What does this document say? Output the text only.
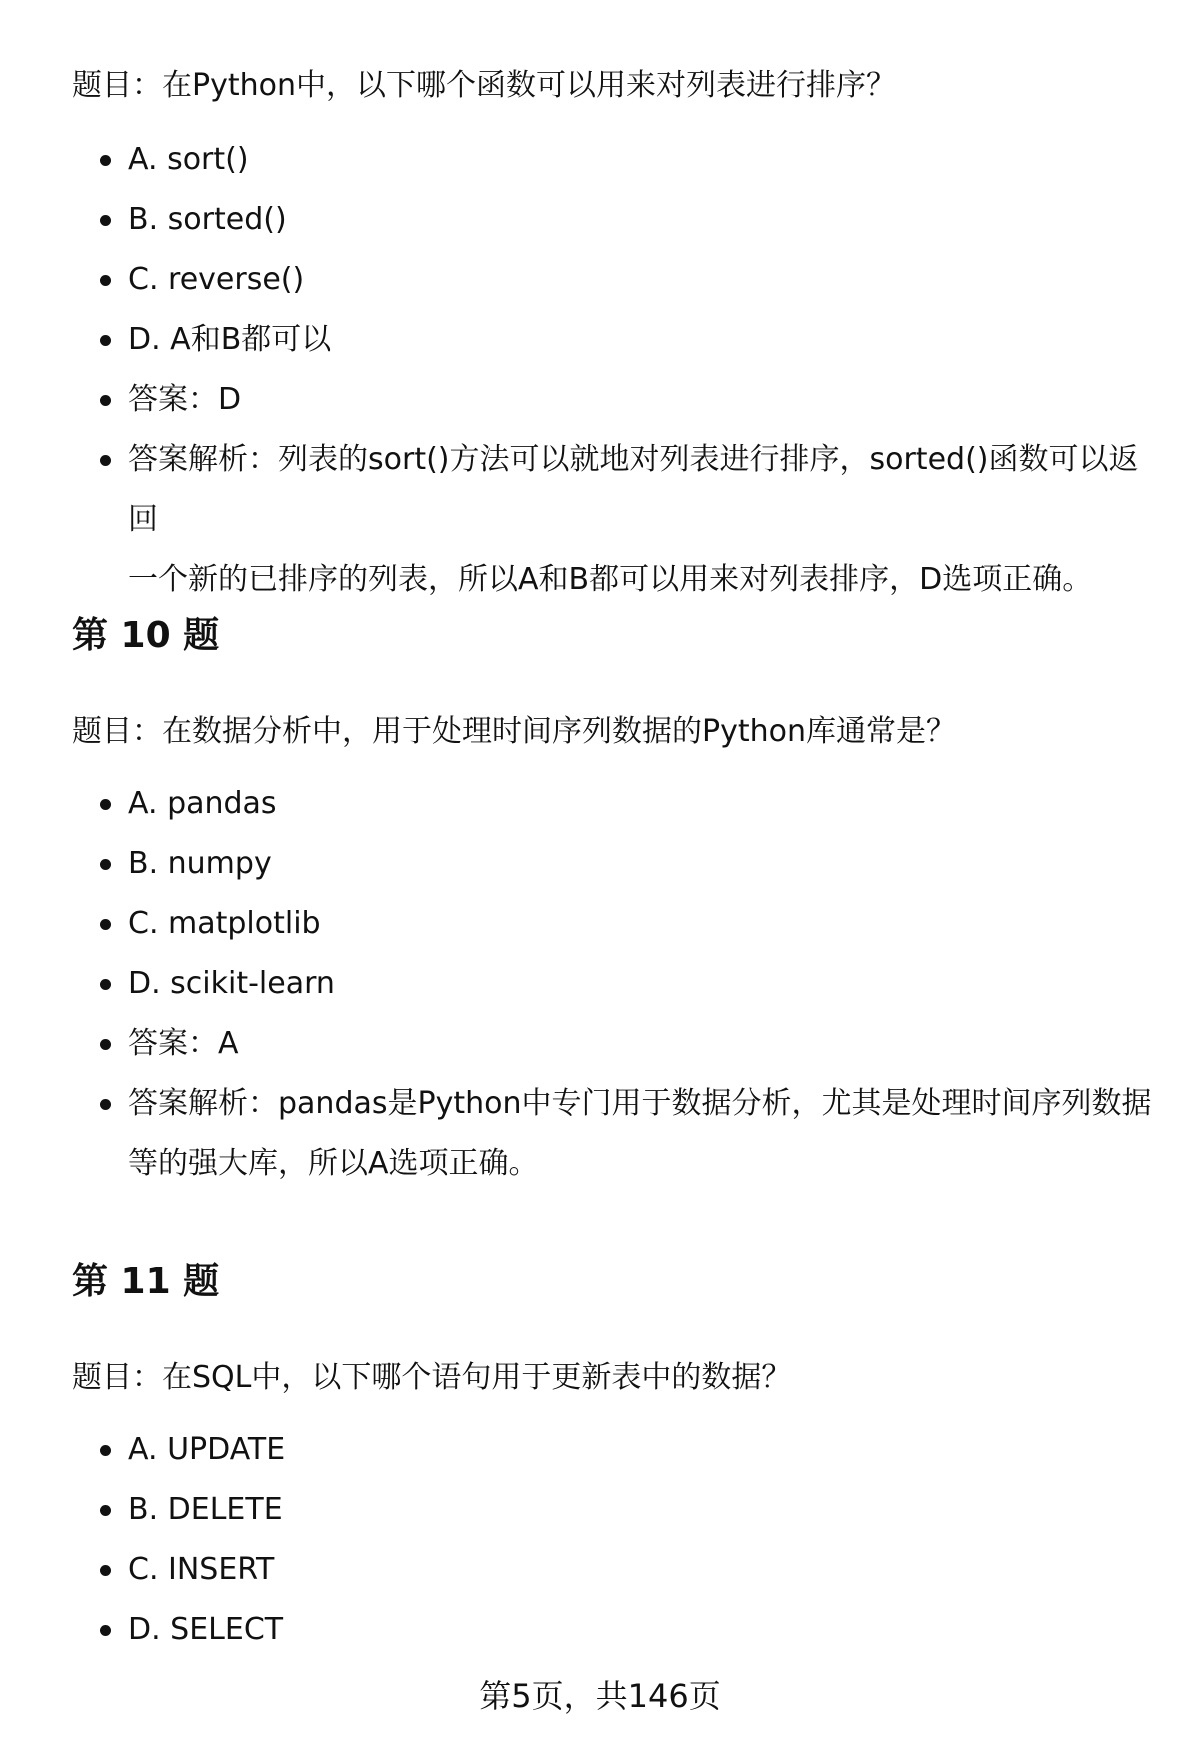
题目：在Python中，以下哪个函数可以用来对列表进行排序？

A. sort()
B. sorted()
C. reverse()
D. A和B都可以
答案：D
答案解析：列表的sort()方法可以就地对列表进行排序，sorted()函数可以返回
一个新的已排序的列表，所以A和B都可以用来对列表排序，D选项正确。
第 10 题

题目：在数据分析中，用于处理时间序列数据的Python库通常是？

A. pandas
B. numpy
C. matplotlib
D. scikit-learn
答案：A
答案解析：pandas是Python中专门用于数据分析，尤其是处理时间序列数据
等的强大库，所以A选项正确。
第 11 题

题目：在SQL中，以下哪个语句用于更新表中的数据？

A. UPDATE
B. DELETE
C. INSERT
D. SELECT
第5页，共146页
